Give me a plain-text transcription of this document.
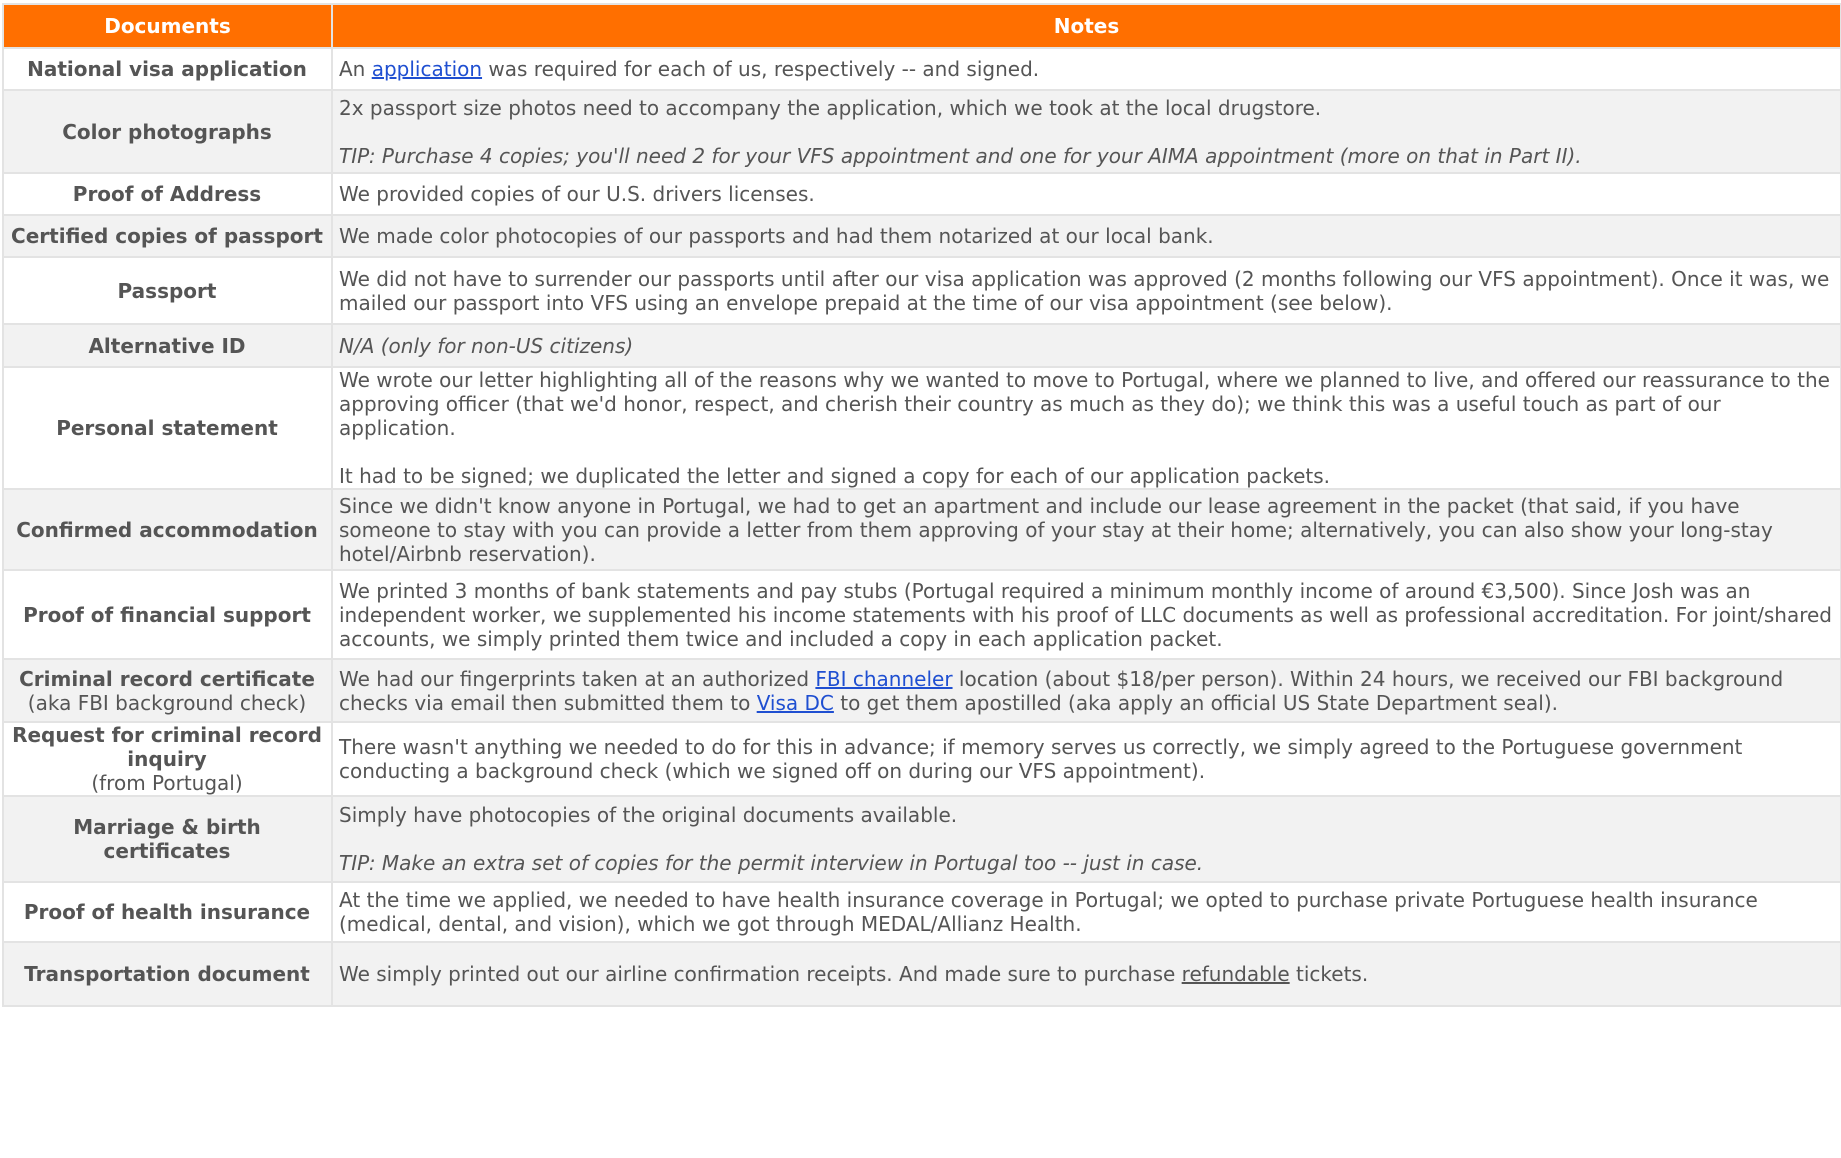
Documents	Notes
National visa application	An application was required for each of us, respectively -- and signed.
Color photographs	2x passport size photos need to accompany the application, which we took at the local drugstore.
TIP: Purchase 4 copies; you'll need 2 for your VFS appointment and one for your AIMA appointment (more on that in Part II).

Proof of Address	We provided copies of our U.S. drivers licenses.
Certified copies of passport	We made color photocopies of our passports and had them notarized at our local bank.
Passport	We did not have to surrender our passports until after our visa application was approved (2 months following our VFS appointment). Once it was, we mailed our passport into VFS using an envelope prepaid at the time of our visa appointment (see below).
Alternative ID	N/A (only for non-US citizens)
Personal statement	We wrote our letter highlighting all of the reasons why we wanted to move to Portugal, where we planned to live, and offered our reassurance to the approving officer (that we'd honor, respect, and cherish their country as much as they do); we think this was a useful touch as part of our application.
It had to be signed; we duplicated the letter and signed a copy for each of our application packets.

Confirmed accommodation	Since we didn't know anyone in Portugal, we had to get an apartment and include our lease agreement in the packet (that said, if you have someone to stay with you can provide a letter from them approving of your stay at their home; alternatively, you can also show your long-stay hotel/Airbnb reservation).
Proof of financial support	We printed 3 months of bank statements and pay stubs (Portugal required a minimum monthly income of around €3,500). Since Josh was an independent worker, we supplemented his income statements with his proof of LLC documents as well as professional accreditation. For joint/shared accounts, we simply printed them twice and included a copy in each application packet.

Criminal record certificate
(aka FBI background check)	We had our fingerprints taken at an authorized FBI channeler location (about $18/per person). Within 24 hours, we received our FBI background checks via email then submitted them to Visa DC to get them apostilled (aka apply an official US State Department seal).

Request for criminal record inquiry
(from Portugal)	There wasn't anything we needed to do for this in advance; if memory serves us correctly, we simply agreed to the Portuguese government conducting a background check (which we signed off on during our VFS appointment).
Marriage & birth certificates	Simply have photocopies of the original documents available.
TIP: Make an extra set of copies for the permit interview in Portugal too -- just in case.

Proof of health insurance	At the time we applied, we needed to have health insurance coverage in Portugal; we opted to purchase private Portuguese health insurance (medical, dental, and vision), which we got through MEDAL/Allianz Health.
Transportation document	We simply printed out our airline confirmation receipts. And made sure to purchase refundable tickets.
